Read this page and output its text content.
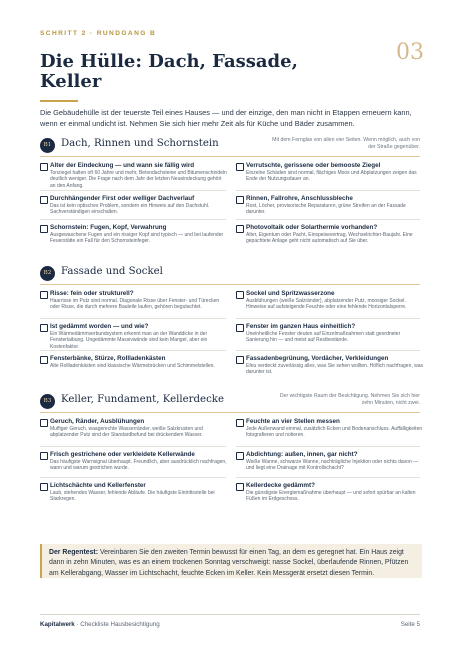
SCHRITT 2 · RUNDGANG B
03
Die Hülle: Dach, Fassade, Keller

Die Gebäudehülle ist der teuerste Teil eines Hauses — und der einzige, den man nicht in Etappen erneuern kann, wenn er einmal undicht ist. Nehmen Sie sich hier mehr Zeit als für Küche und Bäder zusammen.

B1 Dach, Rinnen und Schornstein	Mit dem Fernglas von allen vier Seiten. Wenn möglich, auch von der Straße gegenüber.
Alter der Eindeckung — und wann sie fällig wird
Tonziegel halten oft 60 Jahre und mehr, Betondachsteine und Bitumenschindeln deutlich weniger. Die Frage nach dem Jahr der letzten Neueindeckung gehört an den Anfang.
Verrutschte, gerissene oder bemooste Ziegel
Einzelne Schäden sind normal, flächiges Moos und Abplatzungen zeigen das Ende der Nutzungsdauer an.
Durchhängender First oder welliger Dachverlauf
Das ist kein optisches Problem, sondern ein Hinweis auf den Dachstuhl. Sachverständigen einschalten.
Rinnen, Fallrohre, Anschlussbleche
Rost, Löcher, provisorische Reparaturen, grüne Streifen an der Fassade darunter.
Schornstein: Fugen, Kopf, Verwahrung
Ausgewaschene Fugen und ein rissiger Kopf sind typisch — und bei laufender Feuerstätte ein Fall für den Schornsteinfeger.
Photovoltaik oder Solarthermie vorhanden?
Alter, Eigentum oder Pacht, Einspeisevertrag, Wechselrichter-Baujahr. Eine gepachtete Anlage geht nicht automatisch auf Sie über.
B2 Fassade und Sockel
Risse: fein oder strukturell?
Haarrisse im Putz sind normal. Diagonale Risse über Fenster- und Türecken oder Risse, die durch mehrere Bauteile laufen, gehören begutachtet.
Sockel und Spritzwasserzone
Ausblühungen (weiße Salzränder), abplatzender Putz, moosiger Sockel. Hinweise auf aufsteigende Feuchte oder eine fehlende Horizontalsperre.
Ist gedämmt worden — und wie?
Ein Wärmedämmverbundsystem erkennt man an der Wanddicke in der Fensterlaibung. Ungedämmte Massivwände sind kein Mangel, aber ein Kostenfaktor.
Fenster im ganzen Haus einheitlich?
Uneinheitliche Fenster deuten auf Einzelmaßnahmen statt geordneter Sanierung hin — und meist auf Restbestände.
Fensterbänke, Stürze, Rollladenkästen
Alte Rollladenkästen sind klassische Wärmebrücken und Schimmelstellen.
Fassadenbegrünung, Vordächer, Verkleidungen
Efeu verdeckt zuverlässig alles, was Sie sehen wollten. Höflich nachfragen, was darunter ist.
B3 Keller, Fundament, Kellerdecke	Der wichtigste Raum der Besichtigung. Nehmen Sie sich hier zehn Minuten, nicht zwei.
Geruch, Ränder, Ausblühungen
Muffiger Geruch, waagerechte Wasserränder, weiße Salzkrusten und abplatzender Putz sind der Standardbefund bei drückendem Wasser.
Feuchte an vier Stellen messen
Jede Außenwand einmal, zusätzlich Ecken und Bodenanschluss. Auffälligkeiten fotografieren und notieren.
Frisch gestrichene oder verkleidete Kellerwände
Das häufigste Warnsignal überhaupt. Freundlich, aber ausdrücklich nachfragen, wann und warum gestrichen wurde.
Abdichtung: außen, innen, gar nicht?
Weiße Wanne, schwarze Wanne, nachträgliche Injektion oder nichts davon — und liegt eine Drainage mit Kontrollschacht?
Lichtschächte und Kellerfenster
Laub, stehendes Wasser, fehlende Abläufe. Die häufigste Eintrittsstelle bei Starkregen.
Kellerdecke gedämmt?
Die günstigste Energiemaßnahme überhaupt — und sofort spürbar an kalten Füßen im Erdgeschoss.
Der Regentest: Vereinbaren Sie den zweiten Termin bewusst für einen Tag, an dem es geregnet hat. Ein Haus zeigt dann in zehn Minuten, was es an einem trockenen Sonntag verschweigt: nasse Sockel, überlaufende Rinnen, Pfützen am Kellerabgang, Wasser im Lichtschacht, feuchte Ecken im Keller. Kein Messgerät ersetzt diesen Termin.
Kapitalwerk · Checkliste Hausbesichtigung	Seite 5
